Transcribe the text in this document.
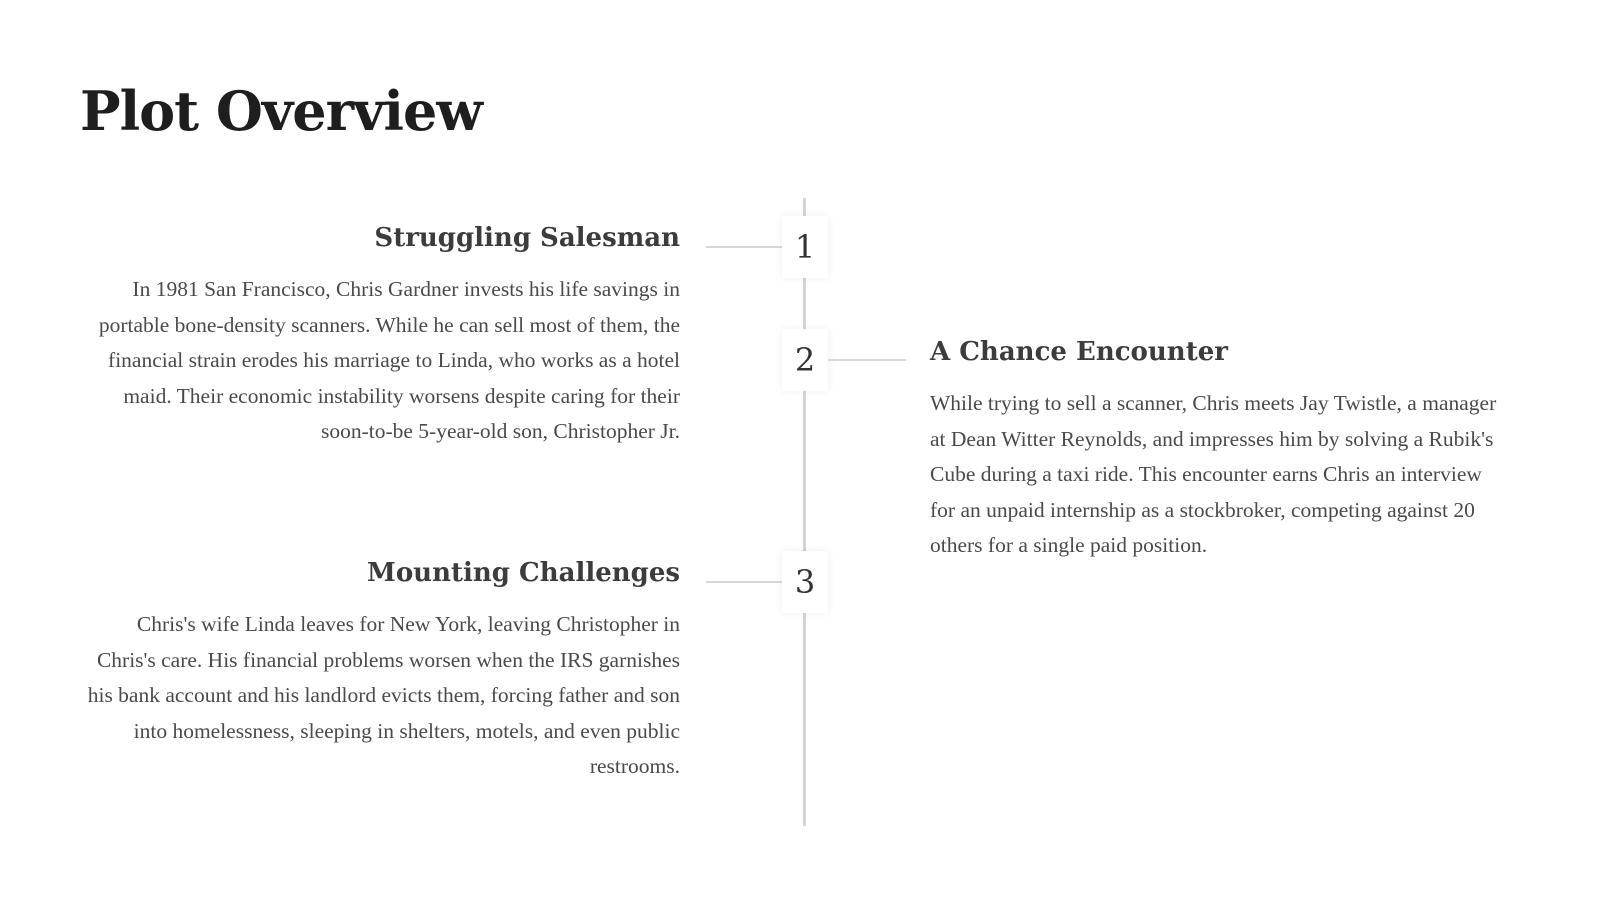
Plot Overview
1
Struggling Salesman

In 1981 San Francisco, Chris Gardner invests his life savings in portable bone-density scanners. While he can sell most of them, the financial strain erodes his marriage to Linda, who works as a hotel maid. Their economic instability worsens despite caring for their soon-to-be 5-year-old son, Christopher Jr.

2	A Chance Encounter

While trying to sell a scanner, Chris meets Jay Twistle, a manager at Dean Witter Reynolds, and impresses him by solving a Rubik's Cube during a taxi ride. This encounter earns Chris an interview for an unpaid internship as a stockbroker, competing against 20 others for a single paid position.

3
Mounting Challenges

Chris's wife Linda leaves for New York, leaving Christopher in Chris's care. His financial problems worsen when the IRS garnishes his bank account and his landlord evicts them, forcing father and son into homelessness, sleeping in shelters, motels, and even public restrooms.
